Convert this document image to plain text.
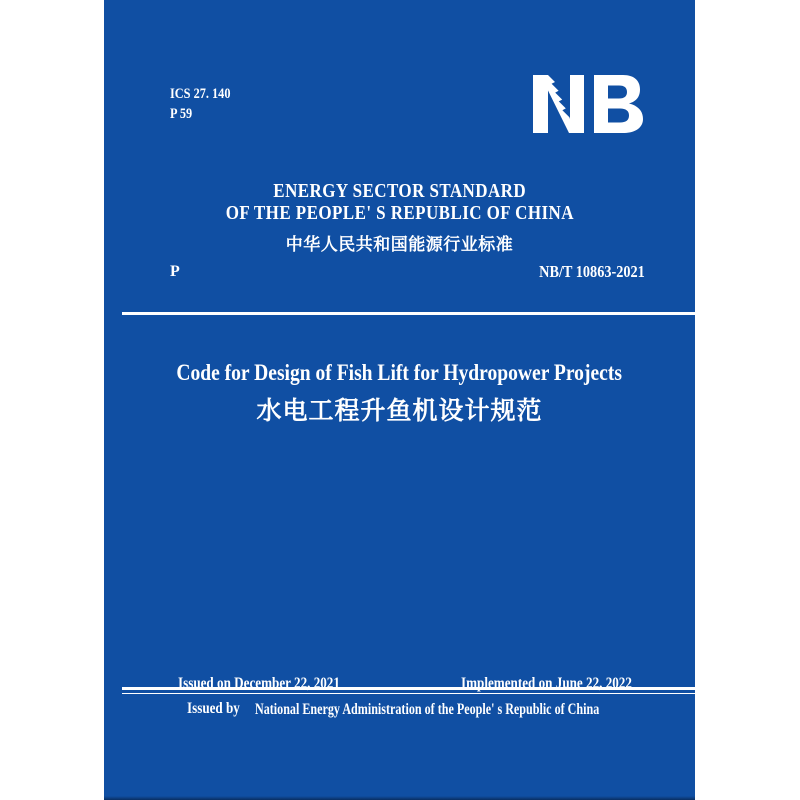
ICS 27. 140
P 59
ENERGY SECTOR STANDARD
OF THE PEOPLE' S REPUBLIC OF CHINA
中华人民共和国能源行业标准
P	NB/T 10863-2021
Code for Design of Fish Lift for Hydropower Projects
水电工程升鱼机设计规范
Issued on December 22, 2021	Implemented on June 22, 2022
Issued by National Energy Administration of the People' s Republic of China
